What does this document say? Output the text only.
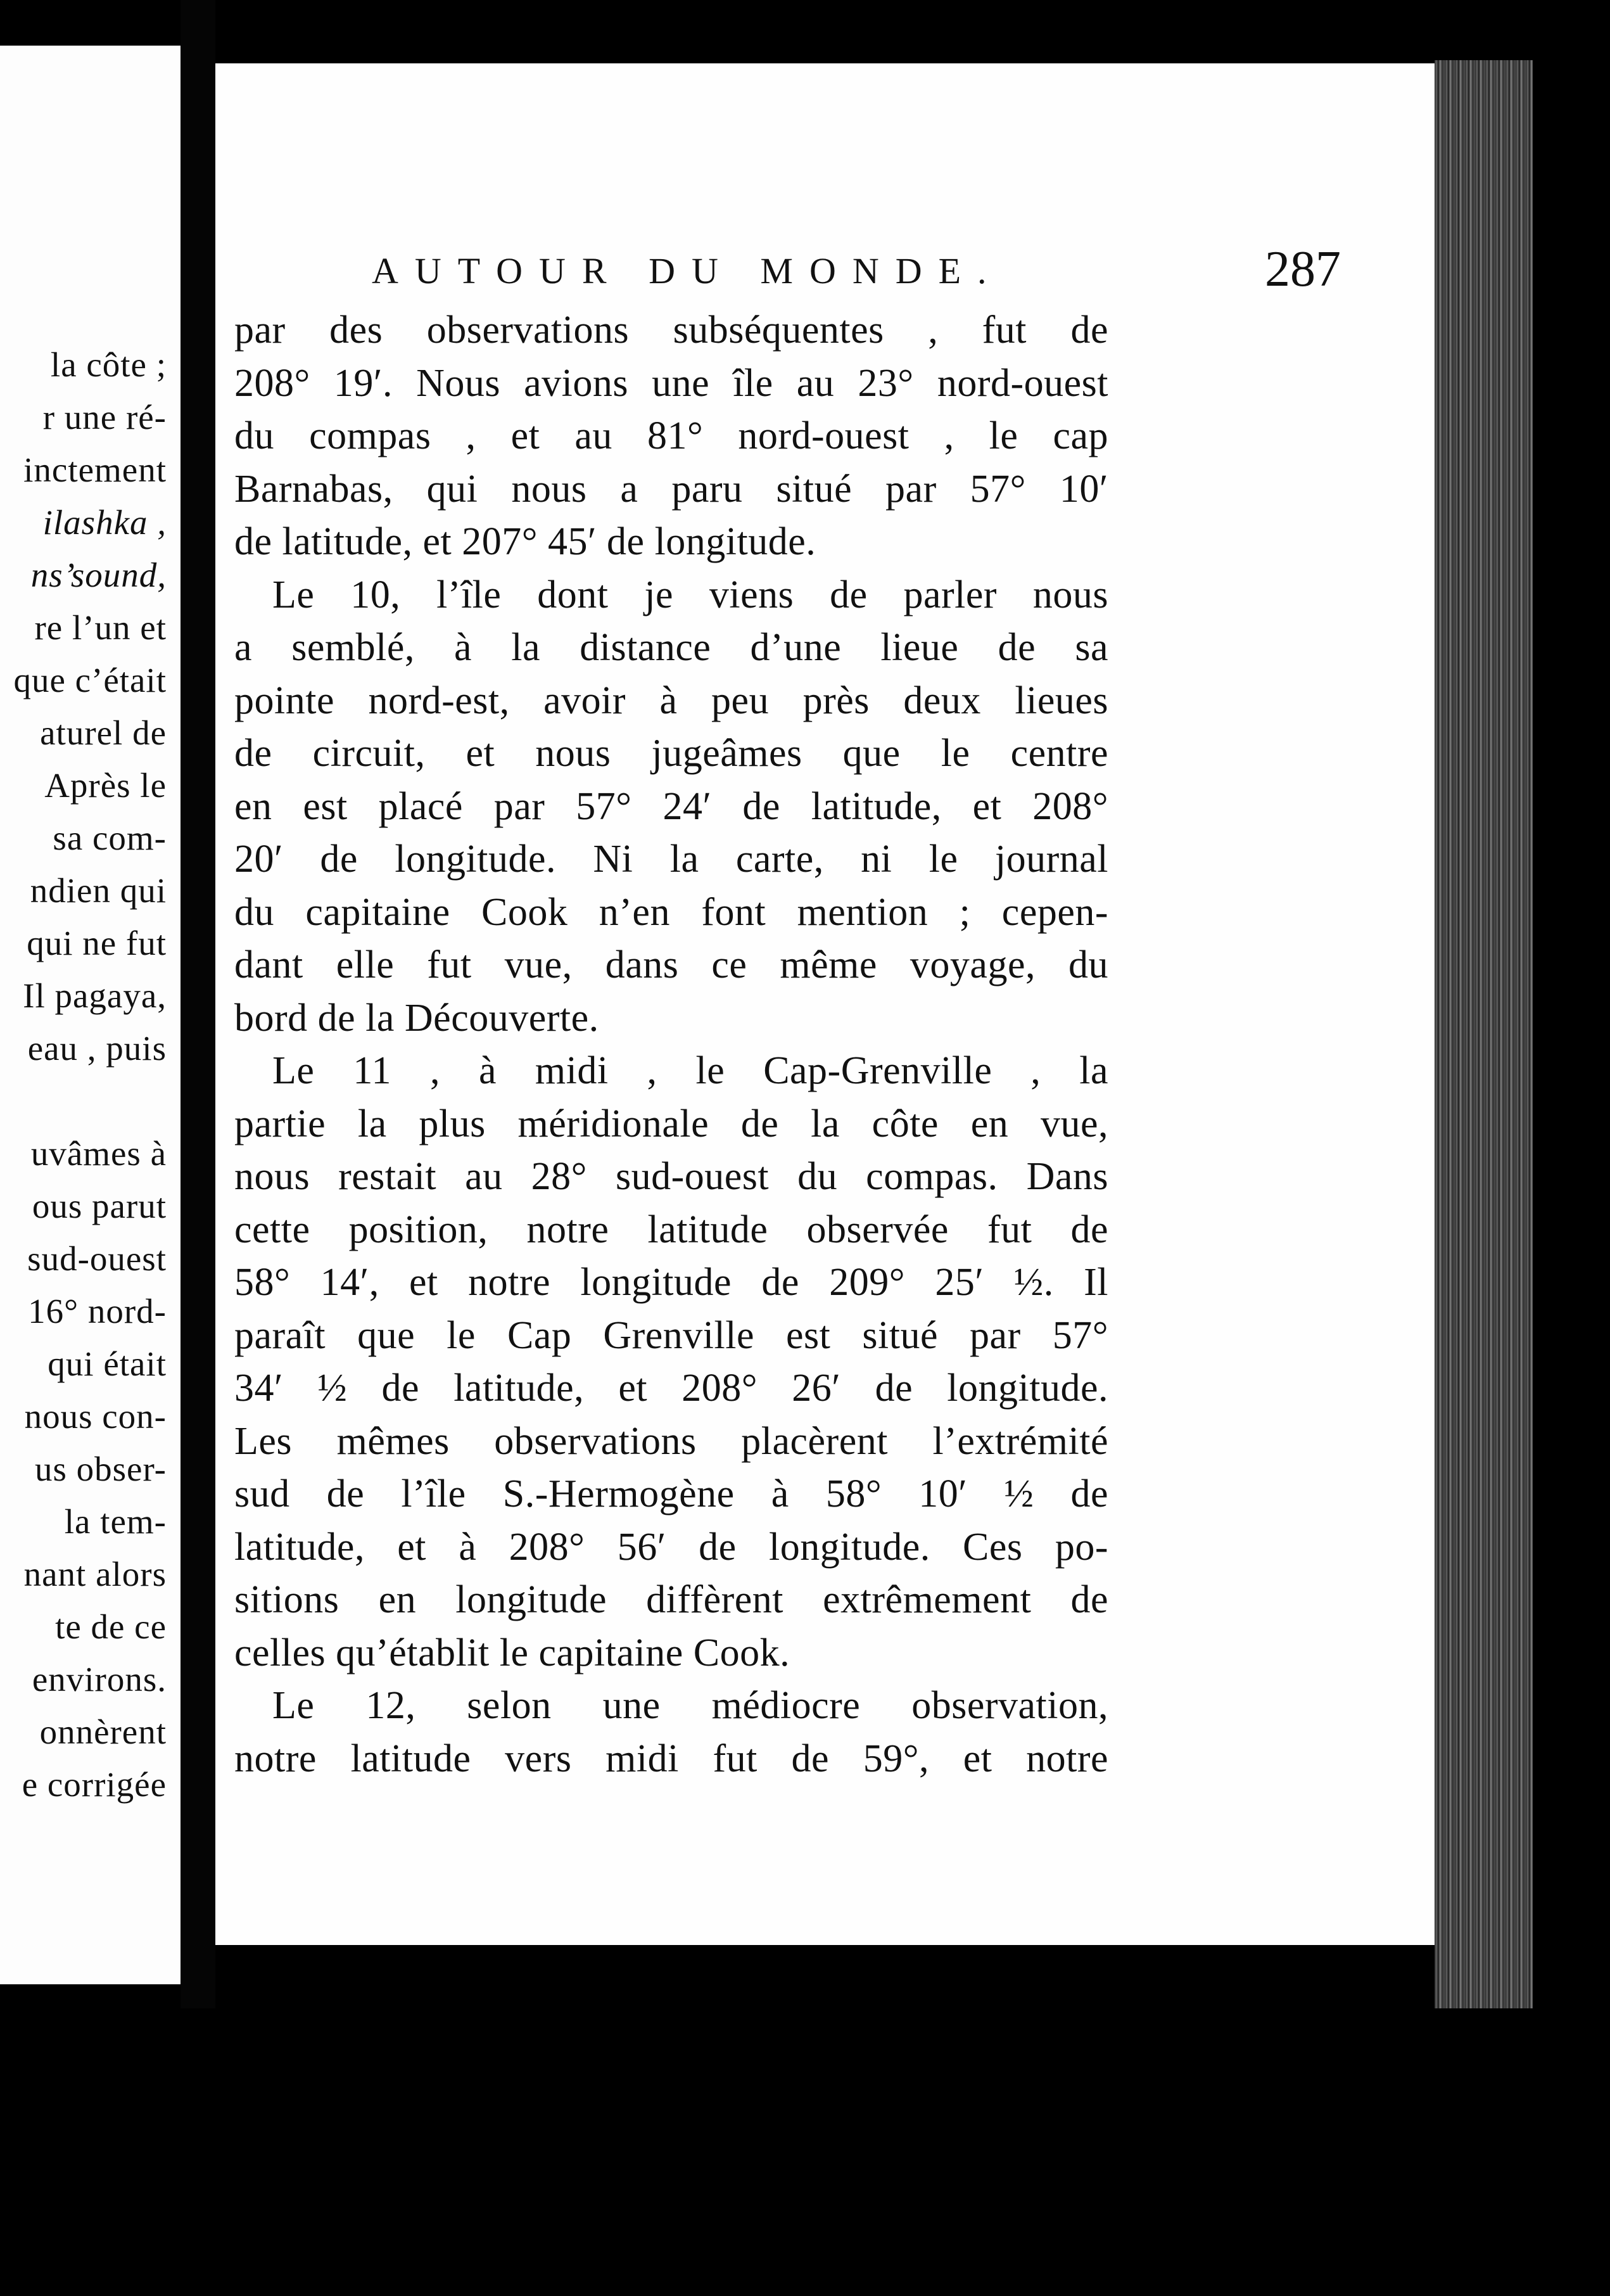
la côte ;
r une ré-
inctement
ilashka ,
ns’sound,
re l’un et
que c’était
aturel de
Après le
sa com-
ndien qui
qui ne fut
Il pagaya,
eau , puis
uvâmes à
ous parut
sud-ouest
16° nord-
qui était
nous con-
us obser-
la tem-
nant alors
te de ce
environs.
onnèrent
e corrigée
AUTOUR DU MONDE.	287
par des observations subséquentes , fut de
208° 19′. Nous avions une île au 23° nord-ouest
du compas , et au 81° nord-ouest , le cap
Barnabas, qui nous a paru situé par 57° 10′
de latitude, et 207° 45′ de longitude.
Le 10, l’île dont je viens de parler nous
a semblé, à la distance d’une lieue de sa
pointe nord-est, avoir à peu près deux lieues
de circuit, et nous jugeâmes que le centre
en est placé par 57° 24′ de latitude, et 208°
20′ de longitude. Ni la carte, ni le journal
du capitaine Cook n’en font mention ; cepen-
dant elle fut vue, dans ce même voyage, du
bord de la Découverte.
Le 11 , à midi , le Cap-Grenville , la
partie la plus méridionale de la côte en vue,
nous restait au 28° sud-ouest du compas. Dans
cette position, notre latitude observée fut de
58° 14′, et notre longitude de 209° 25′ ½. Il
paraît que le Cap Grenville est situé par 57°
34′ ½ de latitude, et 208° 26′ de longitude.
Les mêmes observations placèrent l’extrémité
sud de l’île S.-Hermogène à 58° 10′ ½ de
latitude, et à 208° 56′ de longitude. Ces po-
sitions en longitude diffèrent extrêmement de
celles qu’établit le capitaine Cook.
Le 12, selon une médiocre observation,
notre latitude vers midi fut de 59°, et notre
